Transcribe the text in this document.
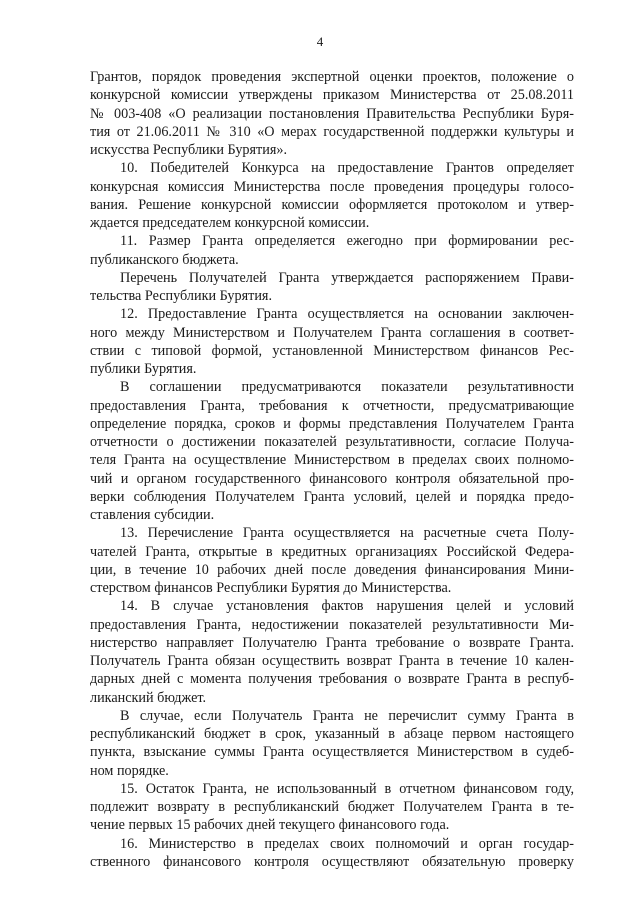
4
Грантов, порядок проведения экспертной оценки проектов, положение о
конкурсной комиссии утверждены приказом Министерства от 25.08.2011
№ 003-408 «О реализации постановления Правительства Республики Буря-
тия от 21.06.2011 № 310 «О мерах государственной поддержки культуры и
искусства Республики Бурятия».
10. Победителей Конкурса на предоставление Грантов определяет
конкурсная комиссия Министерства после проведения процедуры голосо-
вания. Решение конкурсной комиссии оформляется протоколом и утвер-
ждается председателем конкурсной комиссии.
11. Размер Гранта определяется ежегодно при формировании рес-
публиканского бюджета.
Перечень Получателей Гранта утверждается распоряжением Прави-
тельства Республики Бурятия.
12. Предоставление Гранта осуществляется на основании заключен-
ного между Министерством и Получателем Гранта соглашения в соответ-
ствии с типовой формой, установленной Министерством финансов Рес-
публики Бурятия.
В соглашении предусматриваются показатели результативности
предоставления Гранта, требования к отчетности, предусматривающие
определение порядка, сроков и формы представления Получателем Гранта
отчетности о достижении показателей результативности, согласие Получа-
теля Гранта на осуществление Министерством в пределах своих полномо-
чий и органом государственного финансового контроля обязательной про-
верки соблюдения Получателем Гранта условий, целей и порядка предо-
ставления субсидии.
13. Перечисление Гранта осуществляется на расчетные счета Полу-
чателей Гранта, открытые в кредитных организациях Российской Федера-
ции, в течение 10 рабочих дней после доведения финансирования Мини-
стерством финансов Республики Бурятия до Министерства.
14. В случае установления фактов нарушения целей и условий
предоставления Гранта, недостижении показателей результативности Ми-
нистерство направляет Получателю Гранта требование о возврате Гранта.
Получатель Гранта обязан осуществить возврат Гранта в течение 10 кален-
дарных дней с момента получения требования о возврате Гранта в респуб-
ликанский бюджет.
В случае, если Получатель Гранта не перечислит сумму Гранта в
республиканский бюджет в срок, указанный в абзаце первом настоящего
пункта, взыскание суммы Гранта осуществляется Министерством в судеб-
ном порядке.
15. Остаток Гранта, не использованный в отчетном финансовом году,
подлежит возврату в республиканский бюджет Получателем Гранта в те-
чение первых 15 рабочих дней текущего финансового года.
16. Министерство в пределах своих полномочий и орган государ-
ственного финансового контроля осуществляют обязательную проверку
